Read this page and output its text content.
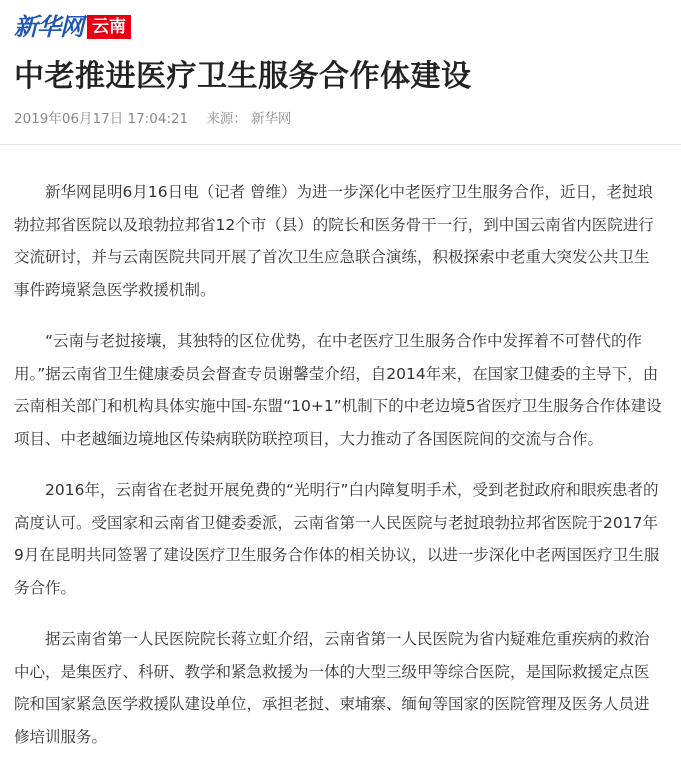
新华网 云南
中老推进医疗卫生服务合作体建设
2019年06月17日 17:04:21 来源： 新华网

新华网昆明6月16日电（记者 曾维）为进一步深化中老医疗卫生服务合作，近日，老挝琅勃拉邦省医院以及琅勃拉邦省12个市（县）的院长和医务骨干一行，到中国云南省内医院进行交流研讨，并与云南医院共同开展了首次卫生应急联合演练，积极探索中老重大突发公共卫生事件跨境紧急医学救援机制。

“云南与老挝接壤，其独特的区位优势，在中老医疗卫生服务合作中发挥着不可替代的作用。”据云南省卫生健康委员会督查专员谢馨莹介绍，自2014年来，在国家卫健委的主导下，由云南相关部门和机构具体实施中国-东盟“10+1”机制下的中老边境5省医疗卫生服务合作体建设项目、中老越缅边境地区传染病联防联控项目，大力推动了各国医院间的交流与合作。

2016年，云南省在老挝开展免费的“光明行”白内障复明手术，受到老挝政府和眼疾患者的高度认可。受国家和云南省卫健委委派，云南省第一人民医院与老挝琅勃拉邦省医院于2017年9月在昆明共同签署了建设医疗卫生服务合作体的相关协议，以进一步深化中老两国医疗卫生服务合作。

据云南省第一人民医院院长蒋立虹介绍，云南省第一人民医院为省内疑难危重疾病的救治中心，是集医疗、科研、教学和紧急救援为一体的大型三级甲等综合医院，是国际救援定点医院和国家紧急医学救援队建设单位，承担老挝、柬埔寨、缅甸等国家的医院管理及医务人员进修培训服务。
